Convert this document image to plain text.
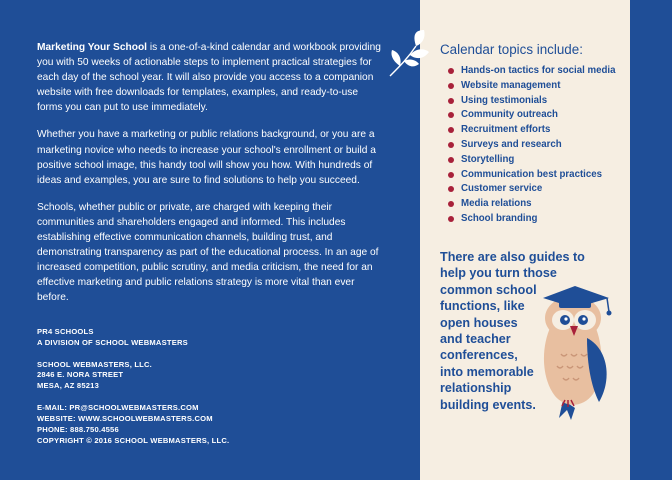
Marketing Your School is a one-of-a-kind calendar and workbook providing you with 50 weeks of actionable steps to implement practical strategies for each day of the school year. It will also provide you access to a companion website with free downloads for templates, examples, and ready-to-use forms you can put to use immediately.

Whether you have a marketing or public relations background, or you are a marketing novice who needs to increase your school's enrollment or build a positive school image, this handy tool will show you how. With hundreds of ideas and examples, you are sure to find solutions to help you succeed.

Schools, whether public or private, are charged with keeping their communities and shareholders engaged and informed. This includes establishing effective communication channels, building trust, and demonstrating transparency as part of the educational process. In an age of increased competition, public scrutiny, and media criticism, the need for an effective marketing and public relations strategy is more vital than ever before.

PR4 SCHOOLS
A DIVISION OF SCHOOL WEBMASTERS
SCHOOL WEBMASTERS, LLC.
2846 E. NORA STREET
MESA, AZ 85213
E-MAIL: PR@SCHOOLWEBMASTERS.COM
WEBSITE: WWW.SCHOOLWEBMASTERS.COM
PHONE: 888.750.4556
COPYRIGHT © 2016 SCHOOL WEBMASTERS, LLC.
Calendar topics include:
Hands-on tactics for social media
Website management
Using testimonials
Community outreach
Recruitment efforts
Surveys and research
Storytelling
Communication best practices
Customer service
Media relations
School branding
There are also guides to
help you turn those
common school
functions, like
open houses
and teacher
conferences,
into memorable
relationship
building events.
